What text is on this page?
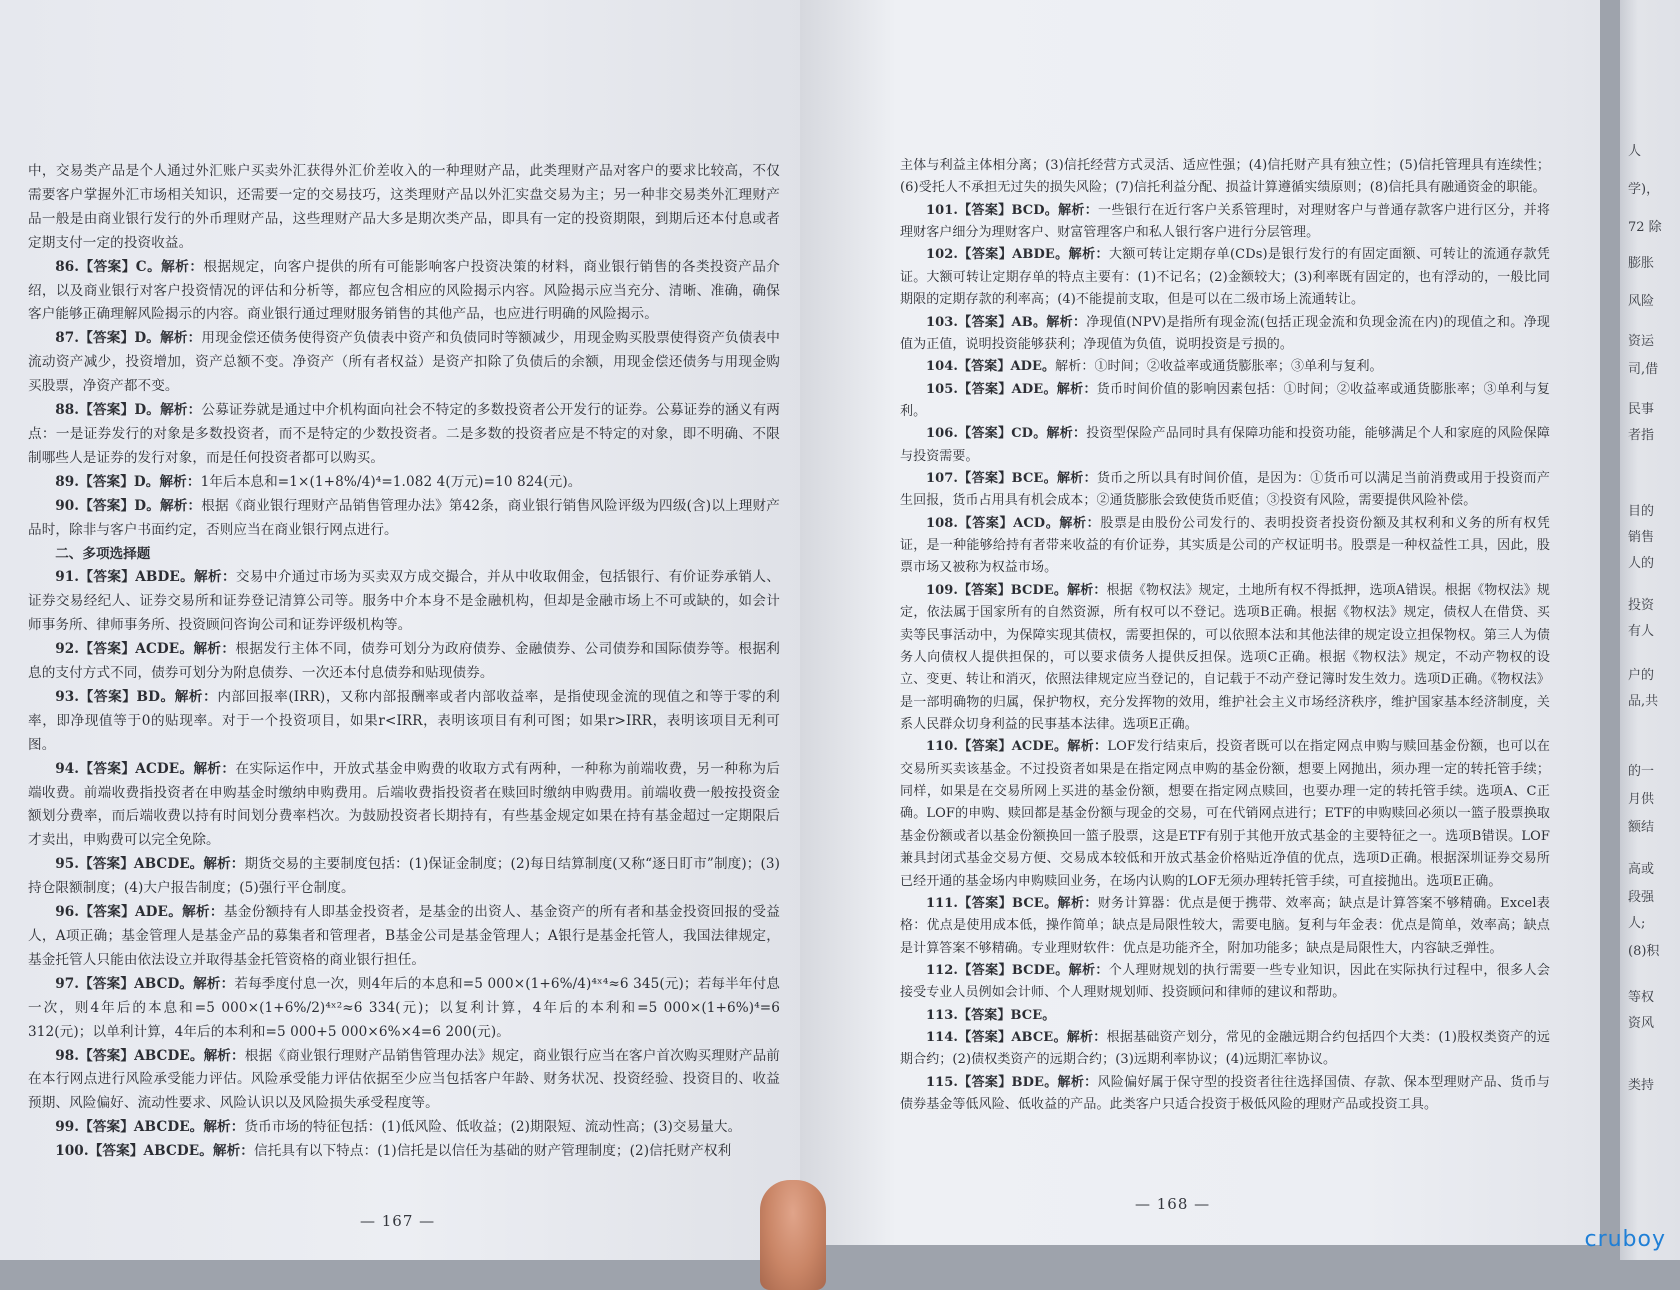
中，交易类产品是个人通过外汇账户买卖外汇获得外汇价差收入的一种理财产品，此类理财产品对客户的要求比较高，不仅需要客户掌握外汇市场相关知识，还需要一定的交易技巧，这类理财产品以外汇实盘交易为主；另一种非交易类外汇理财产品一般是由商业银行发行的外币理财产品，这些理财产品大多是期次类产品，即具有一定的投资期限，到期后还本付息或者定期支付一定的投资收益。

86.【答案】C。解析：根据规定，向客户提供的所有可能影响客户投资决策的材料，商业银行销售的各类投资产品介绍，以及商业银行对客户投资情况的评估和分析等，都应包含相应的风险揭示内容。风险揭示应当充分、清晰、准确，确保客户能够正确理解风险揭示的内容。商业银行通过理财服务销售的其他产品，也应进行明确的风险揭示。

87.【答案】D。解析：用现金偿还债务使得资产负债表中资产和负债同时等额减少，用现金购买股票使得资产负债表中流动资产减少，投资增加，资产总额不变。净资产（所有者权益）是资产扣除了负债后的余额，用现金偿还债务与用现金购买股票，净资产都不变。

88.【答案】D。解析：公募证券就是通过中介机构面向社会不特定的多数投资者公开发行的证券。公募证券的涵义有两点：一是证券发行的对象是多数投资者，而不是特定的少数投资者。二是多数的投资者应是不特定的对象，即不明确、不限制哪些人是证券的发行对象，而是任何投资者都可以购买。

89.【答案】D。解析：1年后本息和=1×(1+8%/4)⁴=1.082 4(万元)=10 824(元)。

90.【答案】D。解析：根据《商业银行理财产品销售管理办法》第42条，商业银行销售风险评级为四级(含)以上理财产品时，除非与客户书面约定，否则应当在商业银行网点进行。

二、多项选择题

91.【答案】ABDE。解析：交易中介通过市场为买卖双方成交撮合，并从中收取佣金，包括银行、有价证券承销人、证券交易经纪人、证券交易所和证券登记清算公司等。服务中介本身不是金融机构，但却是金融市场上不可或缺的，如会计师事务所、律师事务所、投资顾问咨询公司和证券评级机构等。

92.【答案】ACDE。解析：根据发行主体不同，债券可划分为政府债券、金融债券、公司债券和国际债券等。根据利息的支付方式不同，债券可划分为附息债券、一次还本付息债券和贴现债券。

93.【答案】BD。解析：内部回报率(IRR)，又称内部报酬率或者内部收益率，是指使现金流的现值之和等于零的利率，即净现值等于0的贴现率。对于一个投资项目，如果r<IRR，表明该项目有利可图；如果r>IRR，表明该项目无利可图。

94.【答案】ACDE。解析：在实际运作中，开放式基金申购费的收取方式有两种，一种称为前端收费，另一种称为后端收费。前端收费指投资者在申购基金时缴纳申购费用。后端收费指投资者在赎回时缴纳申购费用。前端收费一般按投资金额划分费率，而后端收费以持有时间划分费率档次。为鼓励投资者长期持有，有些基金规定如果在持有基金超过一定期限后才卖出，申购费可以完全免除。

95.【答案】ABCDE。解析：期货交易的主要制度包括：(1)保证金制度；(2)每日结算制度(又称“逐日盯市”制度)；(3)持仓限额制度；(4)大户报告制度；(5)强行平仓制度。

96.【答案】ADE。解析：基金份额持有人即基金投资者，是基金的出资人、基金资产的所有者和基金投资回报的受益人，A项正确；基金管理人是基金产品的募集者和管理者，B基金公司是基金管理人；A银行是基金托管人，我国法律规定，基金托管人只能由依法设立并取得基金托管资格的商业银行担任。

97.【答案】ABCD。解析：若每季度付息一次，则4年后的本息和=5 000×(1+6%/4)⁴ˣ⁴≈6 345(元)；若每半年付息一次，则4年后的本息和=5 000×(1+6%/2)⁴ˣ²≈6 334(元)；以复利计算，4年后的本利和=5 000×(1+6%)⁴=6 312(元)；以单利计算，4年后的本利和=5 000+5 000×6%×4=6 200(元)。

98.【答案】ABCDE。解析：根据《商业银行理财产品销售管理办法》规定，商业银行应当在客户首次购买理财产品前在本行网点进行风险承受能力评估。风险承受能力评估依据至少应当包括客户年龄、财务状况、投资经验、投资目的、收益预期、风险偏好、流动性要求、风险认识以及风险损失承受程度等。

99.【答案】ABCDE。解析：货币市场的特征包括：(1)低风险、低收益；(2)期限短、流动性高；(3)交易量大。

100.【答案】ABCDE。解析：信托具有以下特点：(1)信托是以信任为基础的财产管理制度；(2)信托财产权利

— 167 —

主体与利益主体相分离；(3)信托经营方式灵活、适应性强；(4)信托财产具有独立性；(5)信托管理具有连续性；(6)受托人不承担无过失的损失风险；(7)信托利益分配、损益计算遵循实绩原则；(8)信托具有融通资金的职能。

101.【答案】BCD。解析：一些银行在近行客户关系管理时，对理财客户与普通存款客户进行区分，并将理财客户细分为理财客户、财富管理客户和私人银行客户进行分层管理。

102.【答案】ABDE。解析：大额可转让定期存单(CDs)是银行发行的有固定面额、可转让的流通存款凭证。大额可转让定期存单的特点主要有：(1)不记名；(2)金额较大；(3)利率既有固定的，也有浮动的，一般比同期限的定期存款的利率高；(4)不能提前支取，但是可以在二级市场上流通转让。

103.【答案】AB。解析：净现值(NPV)是指所有现金流(包括正现金流和负现金流在内)的现值之和。净现值为正值，说明投资能够获利；净现值为负值，说明投资是亏损的。

104.【答案】ADE。解析：①时间；②收益率或通货膨胀率；③单利与复利。

105.【答案】ADE。解析：货币时间价值的影响因素包括：①时间；②收益率或通货膨胀率；③单利与复利。

106.【答案】CD。解析：投资型保险产品同时具有保障功能和投资功能，能够满足个人和家庭的风险保障与投资需要。

107.【答案】BCE。解析：货币之所以具有时间价值，是因为：①货币可以满足当前消费或用于投资而产生回报，货币占用具有机会成本；②通货膨胀会致使货币贬值；③投资有风险，需要提供风险补偿。

108.【答案】ACD。解析：股票是由股份公司发行的、表明投资者投资份额及其权利和义务的所有权凭证，是一种能够给持有者带来收益的有价证券，其实质是公司的产权证明书。股票是一种权益性工具，因此，股票市场又被称为权益市场。

109.【答案】BCDE。解析：根据《物权法》规定，土地所有权不得抵押，选项A错误。根据《物权法》规定，依法属于国家所有的自然资源，所有权可以不登记。选项B正确。根据《物权法》规定，债权人在借贷、买卖等民事活动中，为保障实现其债权，需要担保的，可以依照本法和其他法律的规定设立担保物权。第三人为债务人向债权人提供担保的，可以要求债务人提供反担保。选项C正确。根据《物权法》规定，不动产物权的设立、变更、转让和消灭，依照法律规定应当登记的，自记载于不动产登记簿时发生效力。选项D正确。《物权法》是一部明确物的归属，保护物权，充分发挥物的效用，维护社会主义市场经济秩序，维护国家基本经济制度，关系人民群众切身利益的民事基本法律。选项E正确。

110.【答案】ACDE。解析：LOF发行结束后，投资者既可以在指定网点申购与赎回基金份额，也可以在交易所买卖该基金。不过投资者如果是在指定网点申购的基金份额，想要上网抛出，须办理一定的转托管手续；同样，如果是在交易所网上买进的基金份额，想要在指定网点赎回，也要办理一定的转托管手续。选项A、C正确。LOF的申购、赎回都是基金份额与现金的交易，可在代销网点进行；ETF的申购赎回必须以一篮子股票换取基金份额或者以基金份额换回一篮子股票，这是ETF有别于其他开放式基金的主要特征之一。选项B错误。LOF兼具封闭式基金交易方便、交易成本较低和开放式基金价格贴近净值的优点，选项D正确。根据深圳证券交易所已经开通的基金场内申购赎回业务，在场内认购的LOF无须办理转托管手续，可直接抛出。选项E正确。

111.【答案】BCE。解析：财务计算器：优点是便于携带、效率高；缺点是计算答案不够精确。Excel表格：优点是使用成本低，操作简单；缺点是局限性较大，需要电脑。复利与年金表：优点是简单，效率高；缺点是计算答案不够精确。专业理财软件：优点是功能齐全，附加功能多；缺点是局限性大，内容缺乏弹性。

112.【答案】BCDE。解析：个人理财规划的执行需要一些专业知识，因此在实际执行过程中，很多人会接受专业人员例如会计师、个人理财规划师、投资顾问和律师的建议和帮助。

113.【答案】BCE。

114.【答案】ABCE。解析：根据基础资产划分，常见的金融远期合约包括四个大类：(1)股权类资产的远期合约；(2)债权类资产的远期合约；(3)远期利率协议；(4)远期汇率协议。

115.【答案】BDE。解析：风险偏好属于保守型的投资者往往选择国债、存款、保本型理财产品、货币与债券基金等低风险、低收益的产品。此类客户只适合投资于极低风险的理财产品或投资工具。

— 168 —
人
学)，
72 除
膨胀
风险
资运
司,借
民事
者指
目的
销售
人的
投资
有人
户的
品,共
的一
月供
额结
高或
段强
人;
(8)积
等权
资风
类持
cruboy
